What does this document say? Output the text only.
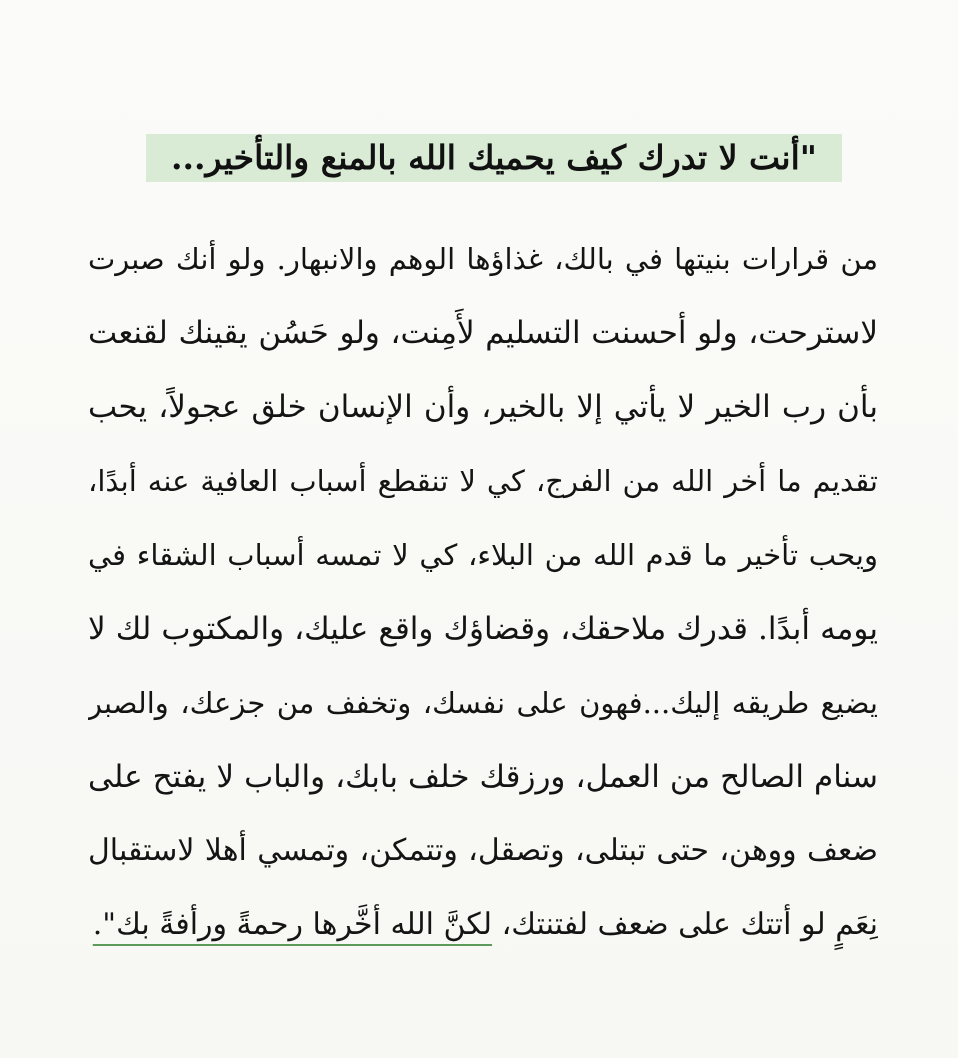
"أنت لا تدرك كيف يحميك الله بالمنع والتأخير...
من قرارات بنيتها في بالك، غذاؤها الوهم والانبهار. ولو أنك صبرت
لاسترحت، ولو أحسنت التسليم لأَمِنت، ولو حَسُن يقينك لقنعت
بأن رب الخير لا يأتي إلا بالخير، وأن الإنسان خلق عجولاً، يحب
تقديم ما أخر الله من الفرج، كي لا تنقطع أسباب العافية عنه أبدًا،
ويحب تأخير ما قدم الله من البلاء، كي لا تمسه أسباب الشقاء في
يومه أبدًا. قدرك ملاحقك، وقضاؤك واقع عليك، والمكتوب لك لا
يضيع طريقه إليك...فهون على نفسك، وتخفف من جزعك، والصبر
سنام الصالح من العمل، ورزقك خلف بابك، والباب لا يفتح على
ضعف ووهن، حتى تبتلى، وتصقل، وتتمكن، وتمسي أهلا لاستقبال
نِعَمٍ لو أتتك على ضعف لفتنتك، لكنَّ الله أخَّرها رحمةً ورأفةً بك".
